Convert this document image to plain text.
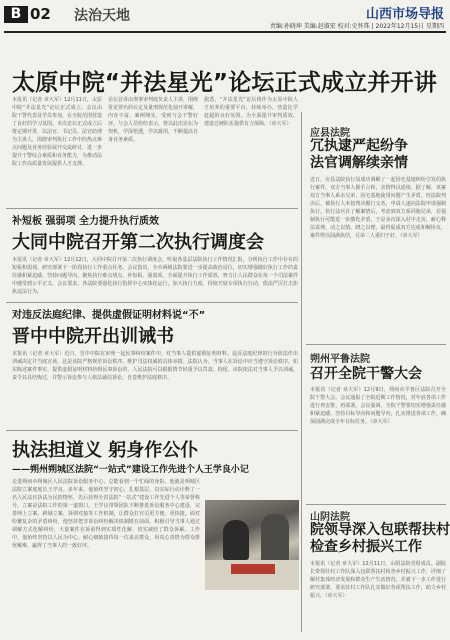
B 02 法治天地	山西市场导报
责编:孙晓坤 美编:赵淑宏 校对:史怀珠 | 2022年12月15日 星期四
太原中院“并法星光”论坛正式成立并开讲
本报讯（记者 章大军）12月11日，太原中院“并法星光”论坛正式成立，会议由院干警代表及学员参加，在全院范围营造了良好的学习氛围。本次论坛正式成立后将定期开讲，以法官、书记员、法官助理为主讲人，围绕审判执行工作中的热点难点问题及业务经验展开交流研讨，进一步提升干警综合素质和业务能力，为推动法院工作高质量发展提供人才支撑。
论坛首讲由刑事审判庭负责人主讲，围绕常见罪名的认定及量刑规范化展开讲解，内容丰富、案例翔实，受到与会干警好评。与会人员纷纷表示，将以此次论坛为契机，学深悟透，学以致用，不断提高自身业务素质。
据悉，“并法星光”论坛将作为太原中院人才培养的重要平台，持续举办，营造比学赶超的良好氛围，为全面提升审判质效、建设过硬队伍提供有力保障。（章大军）
补短板 强弱项 全力提升执行质效
大同中院召开第二次执行调度会
本报讯（记者 章大军）12月12日，大同中院召开第二次执行调度会，听取各基层法院执行工作情况汇报，分析执行工作中存在的短板和弱项，研究部署下一阶段执行工作重点任务。会议指出，全市两级法院要进一步提高政治站位，切实增强做好执行工作的责任感和紧迫感，坚持问题导向，聚焦执行难点堵点，补短板、强弱项，全面提升执行工作质效，努力让人民群众在每一个司法案件中感受到公平正义。会议要求，各法院要强化执行指挥中心实体化运行，加大执行力度，持续开展专项执行行动，依法严厉打击拒执违法行为。
对违反法庭纪律、提供虚假证明材料说“不”
晋中中院开出训诫书
本报讯（记者 章大军）近日，晋中中院在审理一起民事纠纷案件中，对当事人提供虚假证明材料、违反法庭纪律的行为依法作出训诫决定并当庭宣读，这是该院严格规范诉讼秩序、维护司法权威的具体举措。法院认为，当事人在诉讼中应当遵守诉讼秩序，如实陈述案件事实，提供虚假证明材料妨碍民事诉讼的，人民法院可以根据情节轻重予以罚款、拘留。该院依法对当事人予以训诫，责令其具结悔过，并警示诉讼参与人依法诚信诉讼，自觉维护法庭秩序。
执法担道义 躬身作公仆
——朔州朔城区法院“一站式”建设工作先进个人王学良小记
走进朔州市朔城区人民法院诉讼服务中心，总能看到一个忙碌的身影。他就是朔城区法院立案庭庭长王学良。多年来，他始终坚守初心，扎根基层，以实际行动诠释了一名人民法官执法为民的情怀，先后获得全省法院“一站式”建设工作先进个人等荣誉称号。立案是法院工作的第一道窗口，王学良带领团队不断推进诉讼服务中心建设，完善网上立案、跨域立案、诉调对接等工作机制，让群众打官司更方便、更快捷。面对纷繁复杂的矛盾纠纷，他坚持把非诉讼纠纷解决机制挺在前面，积极引导当事人通过调解方式化解纠纷，大量案件在诉前得到实质性化解，切实减轻了群众诉累。工作中，他始终坚持以人民为中心，耐心细致接待每一位来访群众，用真心真情为群众排忧解难，赢得了当事人的一致好评。
应县法院
冗执逮严起纷争
法官调解续亲情
近日，应县法院执行局成功调解了一起因宅基地纠纷引发的执行案件，双方当事人握手言和，亲情得以延续。据了解，该案双方当事人系亲兄弟，因宅基地使用问题产生矛盾，经法院判决后，被执行人未按判决履行义务，申请人遂向法院申请强制执行。执行法官在了解案情后，考虑到双方系同胞兄弟，若强制执行可能进一步激化矛盾，于是多次深入村中走访，耐心释法说理，动之以情、晓之以理，最终促成双方达成和解协议，案件得以圆满执结，兄弟二人重归于好。（章大军）
朔州平鲁法院
召开全院干警大会
本报讯（记者 章大军）12月9日，朔州市平鲁区法院召开全院干警大会。会议通报了全院近期工作情况，对年底各项工作进行再安排、再部署。会议强调，全院干警要切实增强责任感和紧迫感，坚持目标导向和问题导向，扎实推进各项工作，确保圆满完成全年目标任务。（章大军）
山阴法院
院领导深入包联帮扶村
检查乡村振兴工作
本报讯（记者 章大军）12月11日，山阴法院党组成员、副院长带领驻村工作队深入包联帮扶村检查乡村振兴工作，详细了解村集体经济发展和群众生产生活情况，并就下一步工作进行研究部署，要求驻村工作队扎实做好各项帮扶工作，助力乡村振兴。（章大军）
